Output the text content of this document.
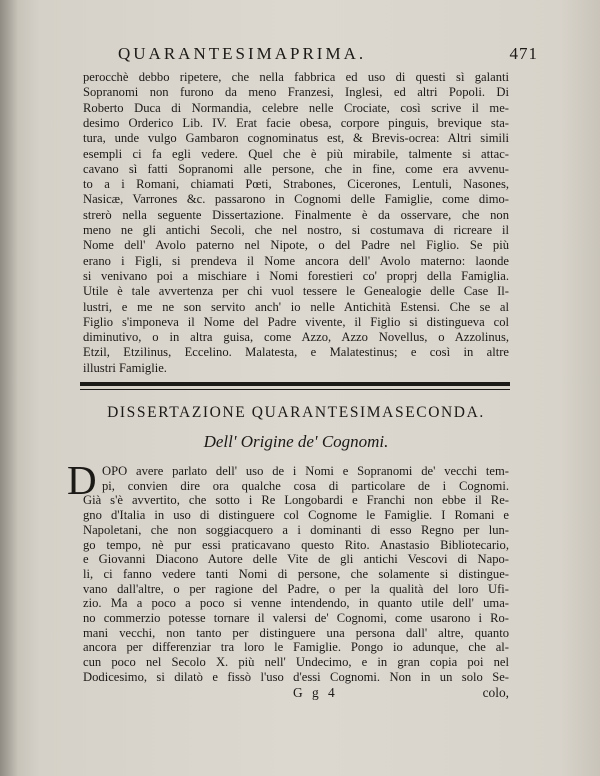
QUARANTESIMAPRIMA.	471
perocchè debbo ripetere, che nella fabbrica ed uso di questi sì galanti
Sopranomi non furono da meno Franzesi, Inglesi, ed altri Popoli. Di
Roberto Duca di Normandia, celebre nelle Crociate, così scrive il me-
desimo Orderico Lib. IV. Erat facie obesa, corpore pinguis, brevique sta-
tura, unde vulgo Gambaron cognominatus est, & Brevis-ocrea: Altri simili
esempli ci fa egli vedere. Quel che è più mirabile, talmente si attac-
cavano sì fatti Sopranomi alle persone, che in fine, come era avvenu-
to a i Romani, chiamati Pœti, Strabones, Cicerones, Lentuli, Nasones,
Nasicæ, Varrones &c. passarono in Cognomi delle Famiglie, come dimo-
strerò nella seguente Dissertazione. Finalmente è da osservare, che non
meno ne gli antichi Secoli, che nel nostro, si costumava di ricreare il
Nome dell' Avolo paterno nel Nipote, o del Padre nel Figlio. Se più
erano i Figli, si prendeva il Nome ancora dell' Avolo materno: laonde
si venivano poi a mischiare i Nomi forestieri co' proprj della Famiglia.
Utile è tale avvertenza per chi vuol tessere le Genealogie delle Case Il-
lustri, e me ne son servito anch' io nelle Antichità Estensi. Che se al
Figlio s'imponeva il Nome del Padre vivente, il Figlio si distingueva col
diminutivo, o in altra guisa, come Azzo, Azzo Novellus, o Azzolinus,
Etzil, Etzilinus, Eccelino. Malatesta, e Malatestinus; e così in altre
illustri Famiglie.
DISSERTAZIONE QUARANTESIMASECONDA.
Dell' Origine de' Cognomi.
D OPO avere parlato dell' uso de i Nomi e Sopranomi de' vecchi tem-
pi, convien dire ora qualche cosa di particolare de i Cognomi.
Già s'è avvertito, che sotto i Re Longobardi e Franchi non ebbe il Re-
gno d'Italia in uso di distinguere col Cognome le Famiglie. I Romani e
Napoletani, che non soggiacquero a i dominanti di esso Regno per lun-
go tempo, nè pur essi praticavano questo Rito. Anastasio Bibliotecario,
e Giovanni Diacono Autore delle Vite de gli antichi Vescovi di Napo-
li, ci fanno vedere tanti Nomi di persone, che solamente si distingue-
vano dall'altre, o per ragione del Padre, o per la qualità del loro Ufi-
zio. Ma a poco a poco si venne intendendo, in quanto utile dell' uma-
no commerzio potesse tornare il valersi de' Cognomi, come usarono i Ro-
mani vecchi, non tanto per distinguere una persona dall' altre, quanto
ancora per differenziar tra loro le Famiglie. Pongo io adunque, che al-
cun poco nel Secolo X. più nell' Undecimo, e in gran copia poi nel
Dodicesimo, si dilatò e fissò l'uso d'essi Cognomi. Non in un solo Se-
G g 4	colo,
